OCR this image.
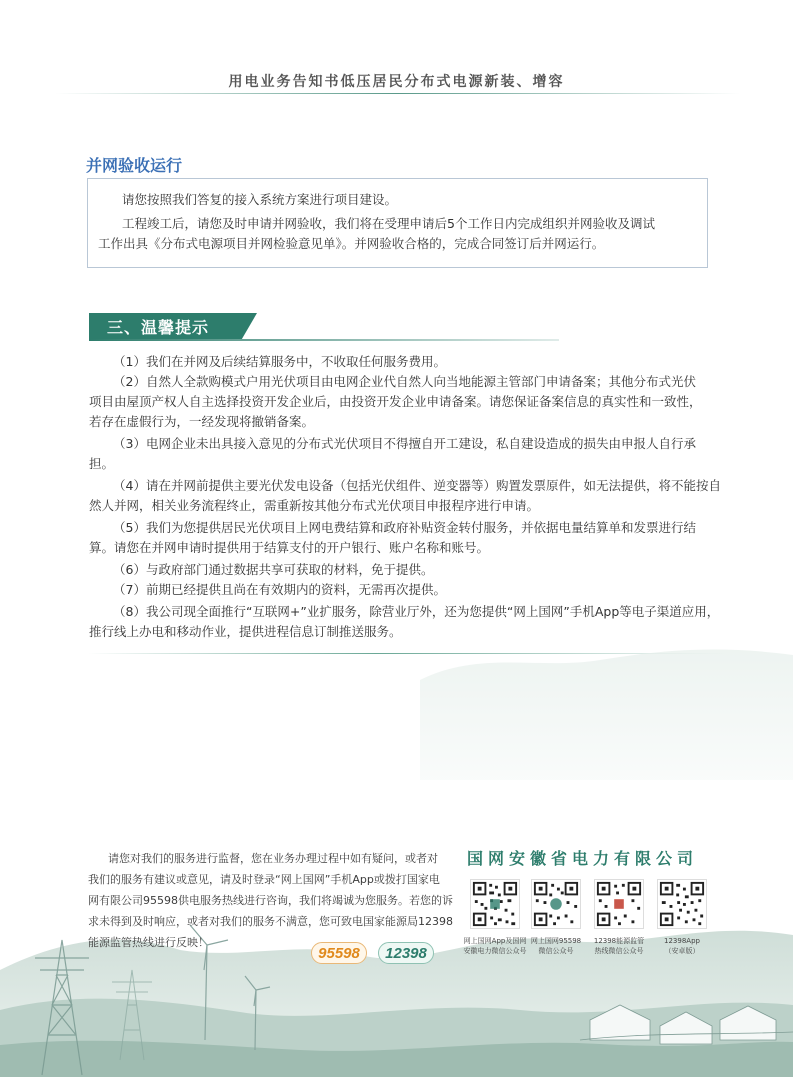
用电业务告知书低压居民分布式电源新装、增容
并网验收运行

请您按照我们答复的接入系统方案进行项目建设。

工程竣工后，请您及时申请并网验收，我们将在受理申请后5个工作日内完成组织并网验收及调试

工作出具《分布式电源项目并网检验意见单》。并网验收合格的，完成合同签订后并网运行。

三、温馨提示
（1）我们在并网及后续结算服务中，不收取任何服务费用。
（2）自然人全款购模式户用光伏项目由电网企业代自然人向当地能源主管部门申请备案；其他分布式光伏
项目由屋顶产权人自主选择投资开发企业后，由投资开发企业申请备案。请您保证备案信息的真实性和一致性，
若存在虚假行为，一经发现将撤销备案。
（3）电网企业未出具接入意见的分布式光伏项目不得擅自开工建设，私自建设造成的损失由申报人自行承
担。
（4）请在并网前提供主要光伏发电设备（包括光伏组件、逆变器等）购置发票原件，如无法提供，将不能按自
然人并网，相关业务流程终止，需重新按其他分布式光伏项目申报程序进行申请。
（5）我们为您提供居民光伏项目上网电费结算和政府补贴资金转付服务，并依据电量结算单和发票进行结
算。请您在并网申请时提供用于结算支付的开户银行、账户名称和账号。
（6）与政府部门通过数据共享可获取的材料，免于提供。
（7）前期已经提供且尚在有效期内的资料，无需再次提供。
（8）我公司现全面推行“互联网+”业扩服务，除营业厅外，还为您提供“网上国网”手机App等电子渠道应用，
推行线上办电和移动作业，提供进程信息订制推送服务。
请您对我们的服务进行监督，您在业务办理过程中如有疑问，或者对
我们的服务有建议或意见，请及时登录“网上国网”手机App或拨打国家电
网有限公司95598供电服务热线进行咨询，我们将竭诚为您服务。若您的诉
求未得到及时响应，或者对我们的服务不满意，您可致电国家能源局12398
能源监管热线进行反映！
95598	12398
国网安徽省电力有限公司
网上国网App及国网
安徽电力微信公众号
网上国网95598
微信公众号
12398能源监管
热线微信公众号
12398App
（安卓版）
